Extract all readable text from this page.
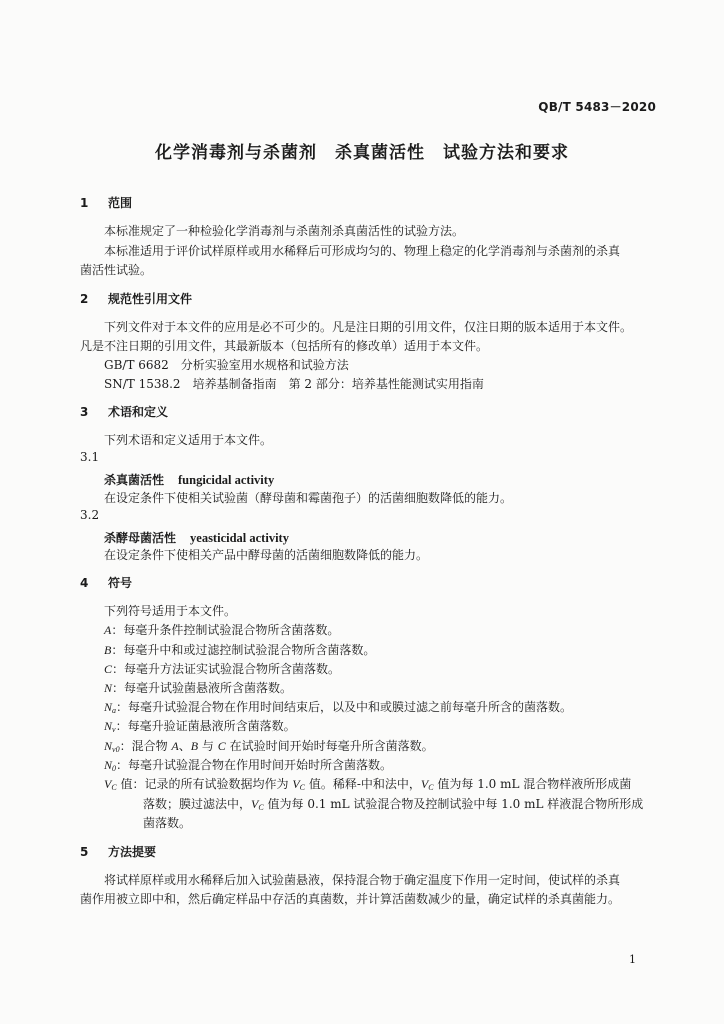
QB/T 5483－2020
化学消毒剂与杀菌剂　杀真菌活性　试验方法和要求
1 范围
本标准规定了一种检验化学消毒剂与杀菌剂杀真菌活性的试验方法。
本标准适用于评价试样原样或用水稀释后可形成均匀的、物理上稳定的化学消毒剂与杀菌剂的杀真
菌活性试验。
2 规范性引用文件
下列文件对于本文件的应用是必不可少的。凡是注日期的引用文件，仅注日期的版本适用于本文件。
凡是不注日期的引用文件，其最新版本（包括所有的修改单）适用于本文件。
GB/T 6682　分析实验室用水规格和试验方法
SN/T 1538.2　培养基制备指南　第 2 部分：培养基性能测试实用指南
3 术语和定义
下列术语和定义适用于本文件。
3.1
杀真菌活性 fungicidal activity
在设定条件下使相关试验菌（酵母菌和霉菌孢子）的活菌细胞数降低的能力。
3.2
杀酵母菌活性 yeasticidal activity
在设定条件下使相关产品中酵母菌的活菌细胞数降低的能力。
4 符号
下列符号适用于本文件。
A：每毫升条件控制试验混合物所含菌落数。
B：每毫升中和或过滤控制试验混合物所含菌落数。
C：每毫升方法证实试验混合物所含菌落数。
N：每毫升试验菌悬液所含菌落数。
$N_a$：每毫升试验混合物在作用时间结束后，以及中和或膜过滤之前每毫升所含的菌落数。
$N_v$：每毫升验证菌悬液所含菌落数。
$N_{v0}$：混合物 A、B 与 C 在试验时间开始时每毫升所含菌落数。
$N_0$：每毫升试验混合物在作用时间开始时所含菌落数。
$V_C$ 值：记录的所有试验数据均作为 $V_C$ 值。稀释-中和法中，$V_C$ 值为每 1.0 mL 混合物样液所形成菌
落数；膜过滤法中，$V_C$ 值为每 0.1 mL 试验混合物及控制试验中每 1.0 mL 样液混合物所形成
菌落数。
5 方法提要
将试样原样或用水稀释后加入试验菌悬液，保持混合物于确定温度下作用一定时间，使试样的杀真
菌作用被立即中和，然后确定样品中存活的真菌数，并计算活菌数减少的量，确定试样的杀真菌能力。
1
